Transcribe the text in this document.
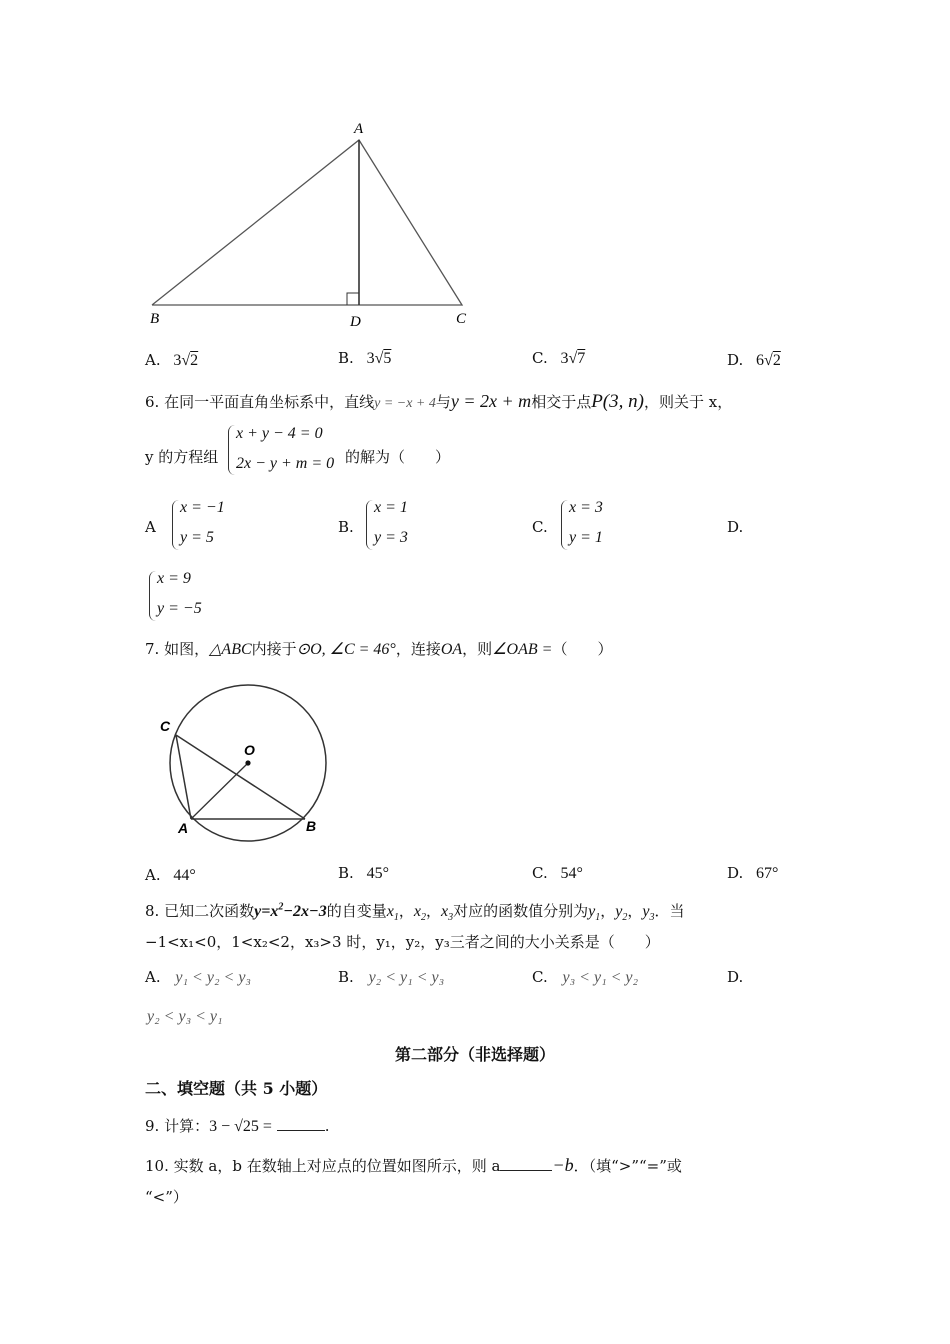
A
B	D	C
A. 3√2	B. 3√5	C. 3√7	D. 6√2
6. 在同一平面直角坐标系中，直线y = −x + 4与y = 2x + m相交于点P(3, n)，则关于 x，
y 的方程组
x + y − 4 = 0
2x − y + m = 0 的解为（　　）
A
x = −1
y = 5
B.
x = 1
y = 3
C.
x = 3
y = 1
D.
x = 9
y = −5
7. 如图，△ABC内接于⊙O, ∠C = 46°，连接OA，则∠OAB =（　　）
C
O
A	B
A. 44°	B. 45°	C. 54°	D. 67°
8. 已知二次函数$y=x^2-2x-3$的自变量$x_1$，$x_2$，$x_3$对应的函数值分别为$y_1$，$y_2$，$y_3$．当
−1<x₁<0，1<x₂<2，x₃>3 时，y₁，y₂，y₃三者之间的大小关系是（　　）
A. y₁ < y₂ < y₃	B. y₂ < y₁ < y₃	C. y₃ < y₁ < y₂	D.
y₂ < y₃ < y₁
第二部分（非选择题）
二、填空题（共 5 小题）
9. 计算：3 − √25 =	.
10. 实数 a，b 在数轴上对应点的位置如图所示，则 a	−b．（填“>”“=”或
“<”）
